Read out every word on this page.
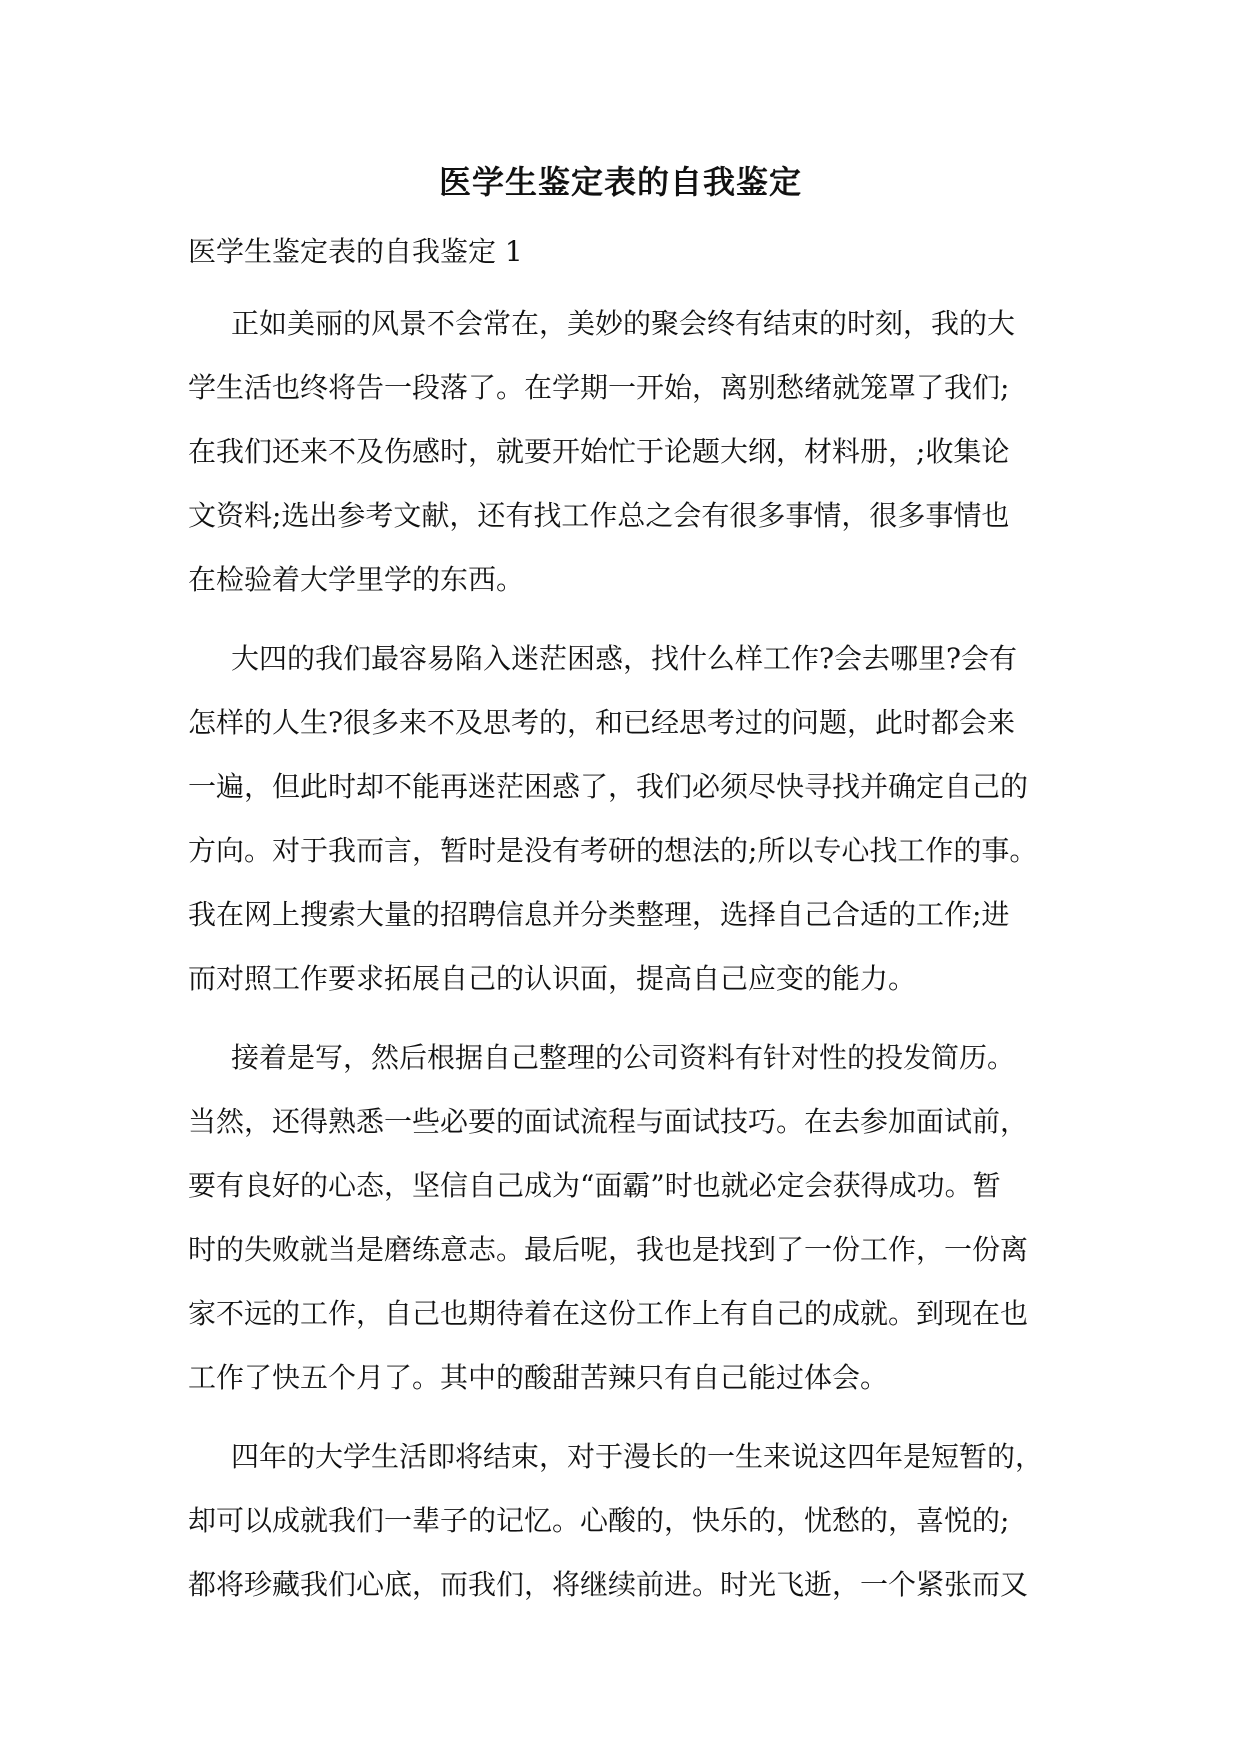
医学生鉴定表的自我鉴定

医学生鉴定表的自我鉴定 1

正如美丽的风景不会常在，美妙的聚会终有结束的时刻，我的大
学生活也终将告一段落了。在学期一开始，离别愁绪就笼罩了我们;
在我们还来不及伤感时，就要开始忙于论题大纲，材料册，;收集论
文资料;选出参考文献，还有找工作总之会有很多事情，很多事情也
在检验着大学里学的东西。
大四的我们最容易陷入迷茫困惑，找什么样工作?会去哪里?会有
怎样的人生?很多来不及思考的，和已经思考过的问题，此时都会来
一遍，但此时却不能再迷茫困惑了，我们必须尽快寻找并确定自己的
方向。对于我而言，暂时是没有考研的想法的;所以专心找工作的事。
我在网上搜索大量的招聘信息并分类整理，选择自己合适的工作;进
而对照工作要求拓展自己的认识面，提高自己应变的能力。
接着是写，然后根据自己整理的公司资料有针对性的投发简历。
当然，还得熟悉一些必要的面试流程与面试技巧。在去参加面试前，
要有良好的心态，坚信自己成为“面霸”时也就必定会获得成功。暂
时的失败就当是磨练意志。最后呢，我也是找到了一份工作，一份离
家不远的工作，自己也期待着在这份工作上有自己的成就。到现在也
工作了快五个月了。其中的酸甜苦辣只有自己能过体会。
四年的大学生活即将结束，对于漫长的一生来说这四年是短暂的，
却可以成就我们一辈子的记忆。心酸的，快乐的，忧愁的，喜悦的;
都将珍藏我们心底，而我们，将继续前进。时光飞逝，一个紧张而又
